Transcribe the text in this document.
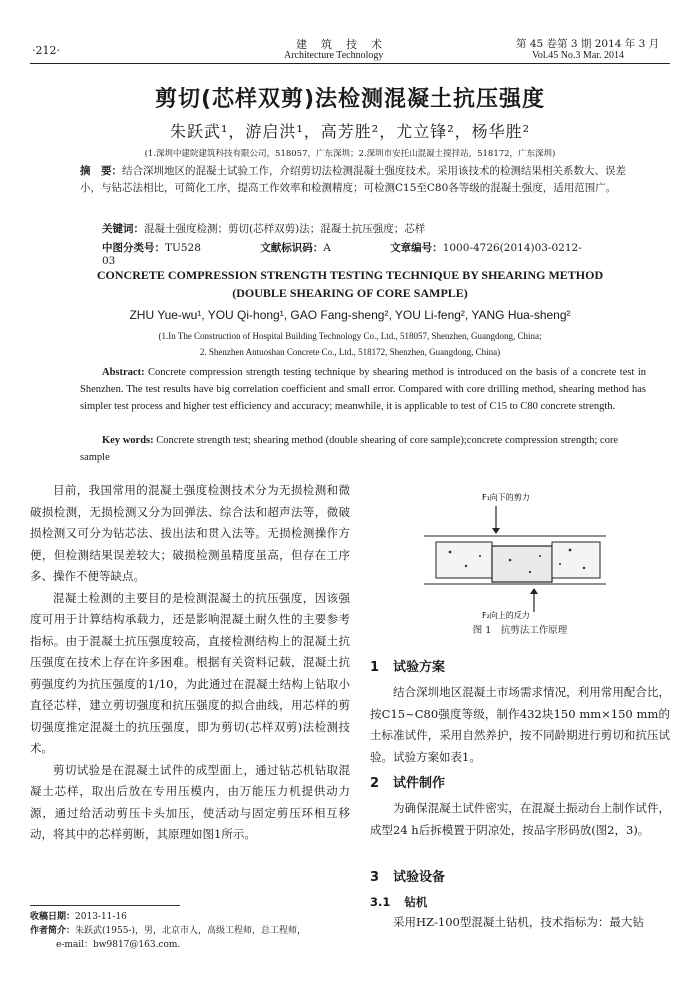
·212·	建筑技术
Architecture Technology
第 45 卷第 3 期 2014 年 3 月
Vol.45 No.3 Mar. 2014
剪切(芯样双剪)法检测混凝土抗压强度
朱跃武¹，游启洪¹，高芳胜²，尤立锋²，杨华胜²
(1.深圳中建院建筑科技有限公司，518057，广东深圳；2.深圳市安托山混凝土搅拌站，518172，广东深圳)
摘　要：结合深圳地区的混凝土试验工作，介绍剪切法检测混凝土强度技术。采用该技术的检测结果相关系数大、误差小，与钻芯法相比，可简化工序，提高工作效率和检测精度；可检测C15至C80各等级的混凝土强度，适用范围广。
关键词：混凝土强度检测；剪切(芯样双剪)法；混凝土抗压强度；芯样
中图分类号：TU528	文献标识码：A	文章编号：1000-4726(2014)03-0212-03
CONCRETE COMPRESSION STRENGTH TESTING TECHNIQUE BY SHEARING METHOD
(DOUBLE SHEARING OF CORE SAMPLE)
ZHU Yue-wu¹, YOU Qi-hong¹, GAO Fang-sheng², YOU Li-feng², YANG Hua-sheng²
(1.In The Construction of Hospital Building Technology Co., Ltd., 518057, Shenzhen, Guangdong, China;
2. Shenzhen Antuoshan Concrete Co., Ltd., 518172, Shenzhen, Guangdong, China)
Abstract: Concrete compression strength testing technique by shearing method is introduced on the basis of a concrete test in Shenzhen. The test results have big correlation coefficient and small error. Compared with core drilling method, shearing method has simpler test process and higher test efficiency and accuracy; meanwhile, it is applicable to test of C15 to C80 concrete strength.
Key words: Concrete strength test; shearing method (double shearing of core sample);concrete compression strength; core sample

目前，我国常用的混凝土强度检测技术分为无损检测和微破损检测，无损检测又分为回弹法、综合法和超声法等，微破损检测又可分为钻芯法、拔出法和贯入法等。无损检测操作方便，但检测结果误差较大；破损检测虽精度虽高，但存在工序多、操作不便等缺点。

混凝土检测的主要目的是检测混凝土的抗压强度，因该强度可用于计算结构承载力，还是影响混凝土耐久性的主要参考指标。由于混凝土抗压强度较高，直接检测结构上的混凝土抗压强度在技术上存在许多困难。根据有关资料记载，混凝土抗剪强度约为抗压强度的1/10，为此通过在混凝土结构上钻取小直径芯样，建立剪切强度和抗压强度的拟合曲线，用芯样的剪切强度推定混凝土的抗压强度，即为剪切(芯样双剪)法检测技术。

剪切试验是在混凝土试件的成型面上，通过钻芯机钻取混凝土芯样，取出后放在专用压模内，由万能压力机提供动力源，通过给活动剪压卡头加压，使活动与固定剪压环相互移动，将其中的芯样剪断，其原理如图1所示。

F₁向下的剪力
F₂向上的反力
图 1　抗剪法工作原理
1 试验方案

结合深圳地区混凝土市场需求情况，利用常用配合比，按C15~C80强度等级，制作432块150 mm×150 mm的土标准试件，采用自然养护，按不同龄期进行剪切和抗压试验。试验方案如表1。

2 试件制作

为确保混凝土试件密实，在混凝土振动台上制作试件，成型24 h后拆模置于阴凉处，按品字形码放(图2，3)。

3 试验设备
3.1 钻机

采用HZ-100型混凝土钻机，技术指标为：最大钻

收稿日期：2013-11-16
作者简介：朱跃武(1955-)，男，北京市人，高级工程师，总工程师，
e-mail：bw9817@163.com.
